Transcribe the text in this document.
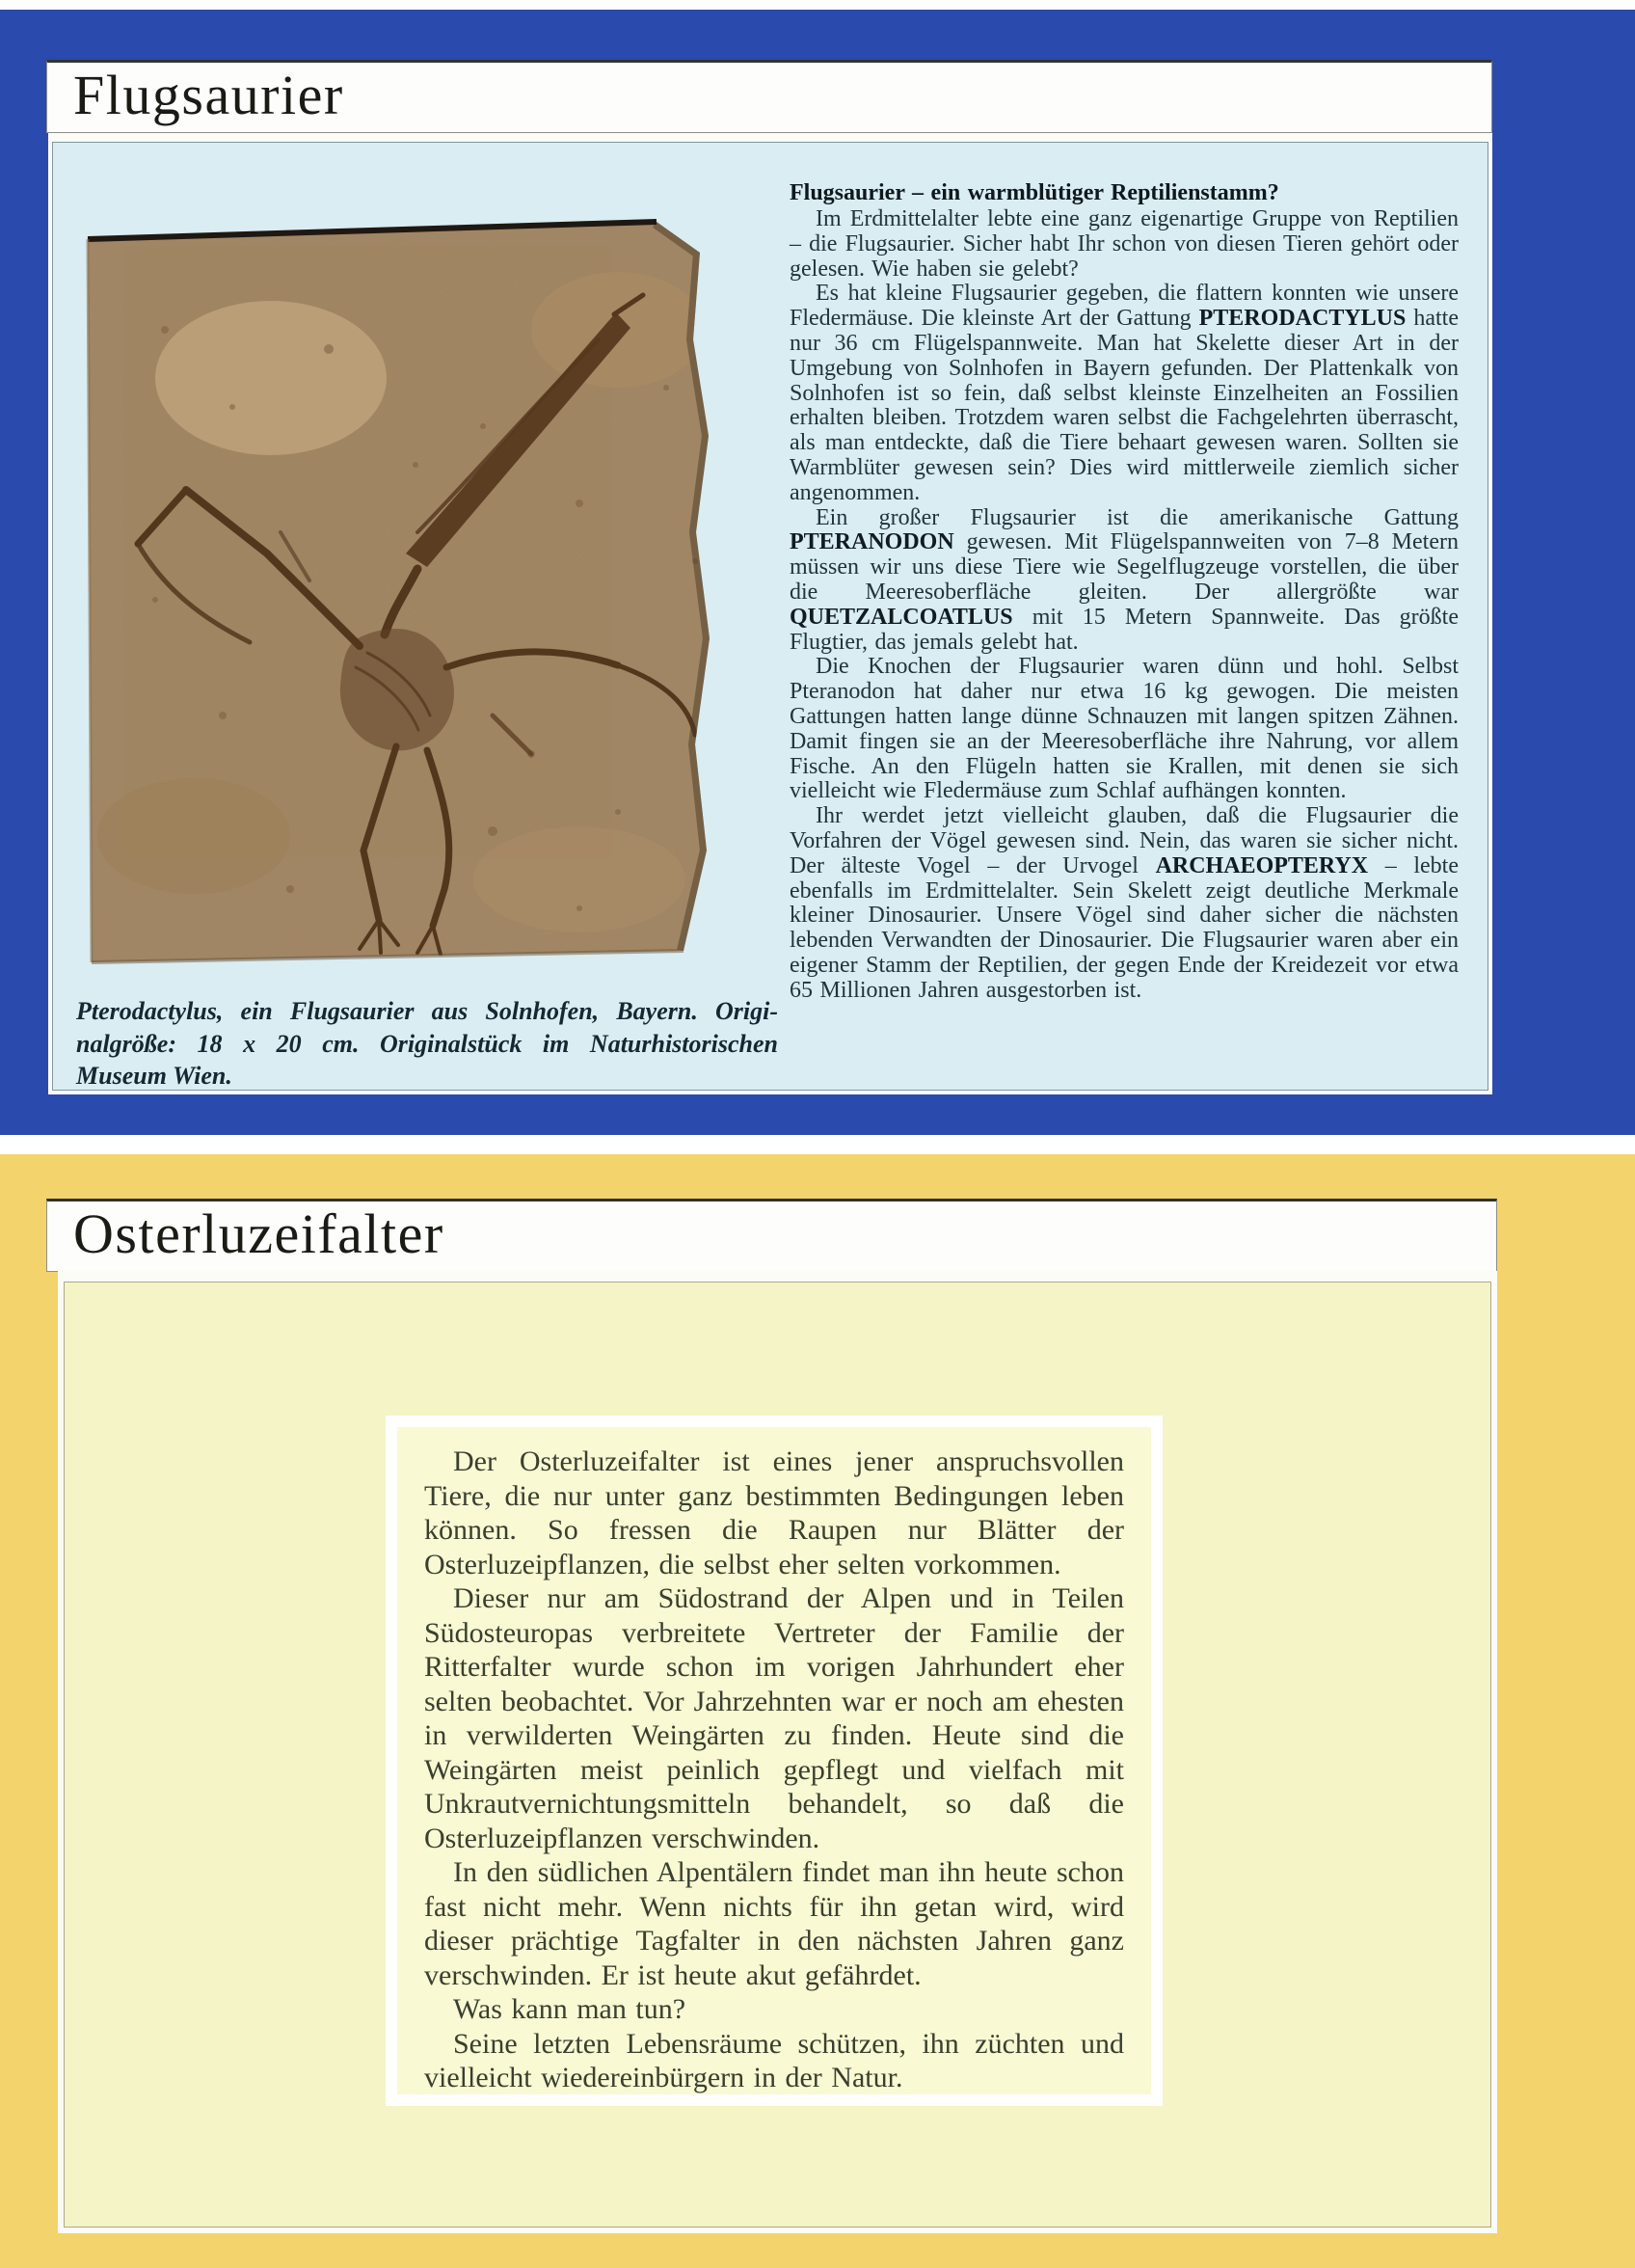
Flugsaurier
Pterodactylus, ein Flugsaurier aus Solnhofen, Bayern. Origi-
nalgröße: 18 x 20 cm. Originalstück im Naturhistorischen
Museum Wien.
Flugsaurier – ein warmblütiger Reptilienstamm?

Im Erdmittelalter lebte eine ganz eigenartige Gruppe von Reptilien – die Flugsaurier. Sicher habt Ihr schon von diesen Tieren gehört oder gelesen. Wie haben sie gelebt?

Es hat kleine Flugsaurier gegeben, die flattern konnten wie unsere Fledermäuse. Die kleinste Art der Gattung PTERODACTYLUS hatte nur 36 cm Flügelspannweite. Man hat Skelette dieser Art in der Umgebung von Solnhofen in Bayern gefunden. Der Plattenkalk von Solnhofen ist so fein, daß selbst kleinste Einzelheiten an Fossilien erhalten bleiben. Trotzdem waren selbst die Fachgelehrten überrascht, als man entdeckte, daß die Tiere behaart gewesen waren. Sollten sie Warmblüter gewesen sein? Dies wird mittlerweile ziemlich sicher angenommen.

Ein großer Flugsaurier ist die amerikanische Gattung PTERANODON gewesen. Mit Flügelspannweiten von 7–8 Metern müssen wir uns diese Tiere wie Segelflugzeuge vorstellen, die über die Meeresoberfläche gleiten. Der allergrößte war QUETZALCOATLUS mit 15 Metern Spannweite. Das größte Flugtier, das jemals gelebt hat.

Die Knochen der Flugsaurier waren dünn und hohl. Selbst Pteranodon hat daher nur etwa 16 kg gewogen. Die meisten Gattungen hatten lange dünne Schnauzen mit langen spitzen Zähnen. Damit fingen sie an der Meeresoberfläche ihre Nahrung, vor allem Fische. An den Flügeln hatten sie Krallen, mit denen sie sich vielleicht wie Fledermäuse zum Schlaf aufhängen konnten.

Ihr werdet jetzt vielleicht glauben, daß die Flugsaurier die Vorfahren der Vögel gewesen sind. Nein, das waren sie sicher nicht. Der älteste Vogel – der Urvogel ARCHAEOPTERYX – lebte ebenfalls im Erdmittelalter. Sein Skelett zeigt deutliche Merkmale kleiner Dinosaurier. Unsere Vögel sind daher sicher die nächsten lebenden Verwandten der Dinosaurier. Die Flugsaurier waren aber ein eigener Stamm der Reptilien, der gegen Ende der Kreidezeit vor etwa 65 Millionen Jahren ausgestorben ist.

Osterluzeifalter

Der Osterluzeifalter ist eines jener anspruchsvollen Tiere, die nur unter ganz bestimmten Bedingungen leben können. So fressen die Raupen nur Blätter der Osterluzeipflanzen, die selbst eher selten vorkommen.

Dieser nur am Südostrand der Alpen und in Teilen Südosteuropas verbreitete Vertreter der Familie der Ritterfalter wurde schon im vorigen Jahrhundert eher selten beobachtet. Vor Jahrzehnten war er noch am ehesten in verwilderten Weingärten zu finden. Heute sind die Weingärten meist peinlich gepflegt und vielfach mit Unkrautvernichtungsmitteln behandelt, so daß die Osterluzeipflanzen verschwinden.

In den südlichen Alpentälern findet man ihn heute schon fast nicht mehr. Wenn nichts für ihn getan wird, wird dieser prächtige Tagfalter in den nächsten Jahren ganz verschwinden. Er ist heute akut gefährdet.

Was kann man tun?

Seine letzten Lebensräume schützen, ihn züchten und vielleicht wiedereinbürgern in der Natur.
